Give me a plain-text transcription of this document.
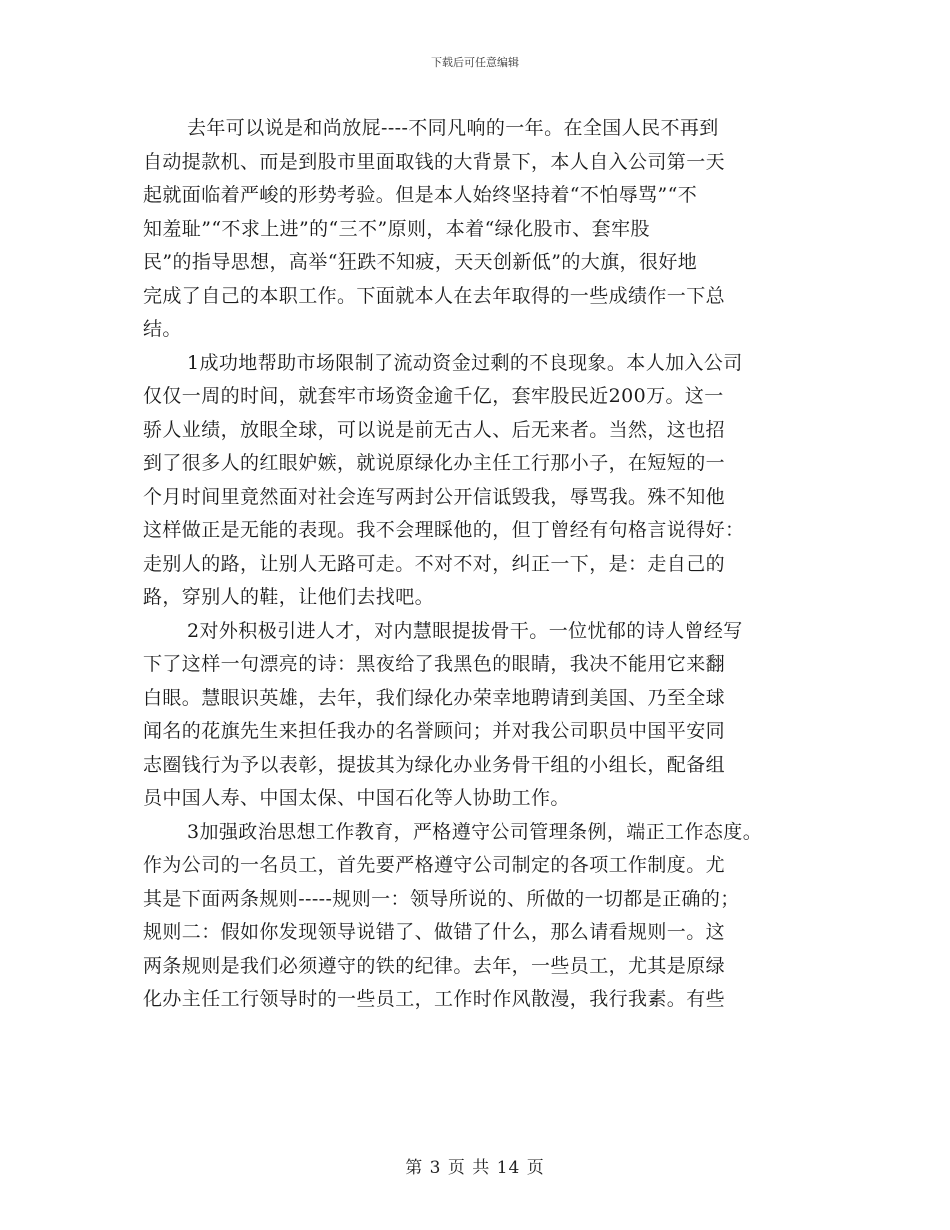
下载后可任意编辑
去年可以说是和尚放屁----不同凡响的一年。在全国人民不再到
自动提款机、而是到股市里面取钱的大背景下，本人自入公司第一天
起就面临着严峻的形势考验。但是本人始终坚持着“不怕辱骂”“不
知羞耻”“不求上进”的“三不”原则，本着“绿化股市、套牢股
民”的指导思想，高举“狂跌不知疲，天天创新低”的大旗，很好地
完成了自己的本职工作。下面就本人在去年取得的一些成绩作一下总
结。
1成功地帮助市场限制了流动资金过剩的不良现象。本人加入公司
仅仅一周的时间，就套牢市场资金逾千亿，套牢股民近200万。这一
骄人业绩，放眼全球，可以说是前无古人、后无来者。当然，这也招
到了很多人的红眼妒嫉，就说原绿化办主任工行那小子，在短短的一
个月时间里竟然面对社会连写两封公开信诋毁我，辱骂我。殊不知他
这样做正是无能的表现。我不会理睬他的，但丁曾经有句格言说得好：
走别人的路，让别人无路可走。不对不对，纠正一下，是：走自己的
路，穿别人的鞋，让他们去找吧。
2对外积极引进人才，对内慧眼提拔骨干。一位忧郁的诗人曾经写
下了这样一句漂亮的诗：黑夜给了我黑色的眼睛，我决不能用它来翻
白眼。慧眼识英雄，去年，我们绿化办荣幸地聘请到美国、乃至全球
闻名的花旗先生来担任我办的名誉顾问；并对我公司职员中国平安同
志圈钱行为予以表彰，提拔其为绿化办业务骨干组的小组长，配备组
员中国人寿、中国太保、中国石化等人协助工作。
3加强政治思想工作教育，严格遵守公司管理条例，端正工作态度。
作为公司的一名员工，首先要严格遵守公司制定的各项工作制度。尤
其是下面两条规则-----规则一：领导所说的、所做的一切都是正确的；
规则二：假如你发现领导说错了、做错了什么，那么请看规则一。这
两条规则是我们必须遵守的铁的纪律。去年，一些员工，尤其是原绿
化办主任工行领导时的一些员工，工作时作风散漫，我行我素。有些
第 3 页 共 14 页
